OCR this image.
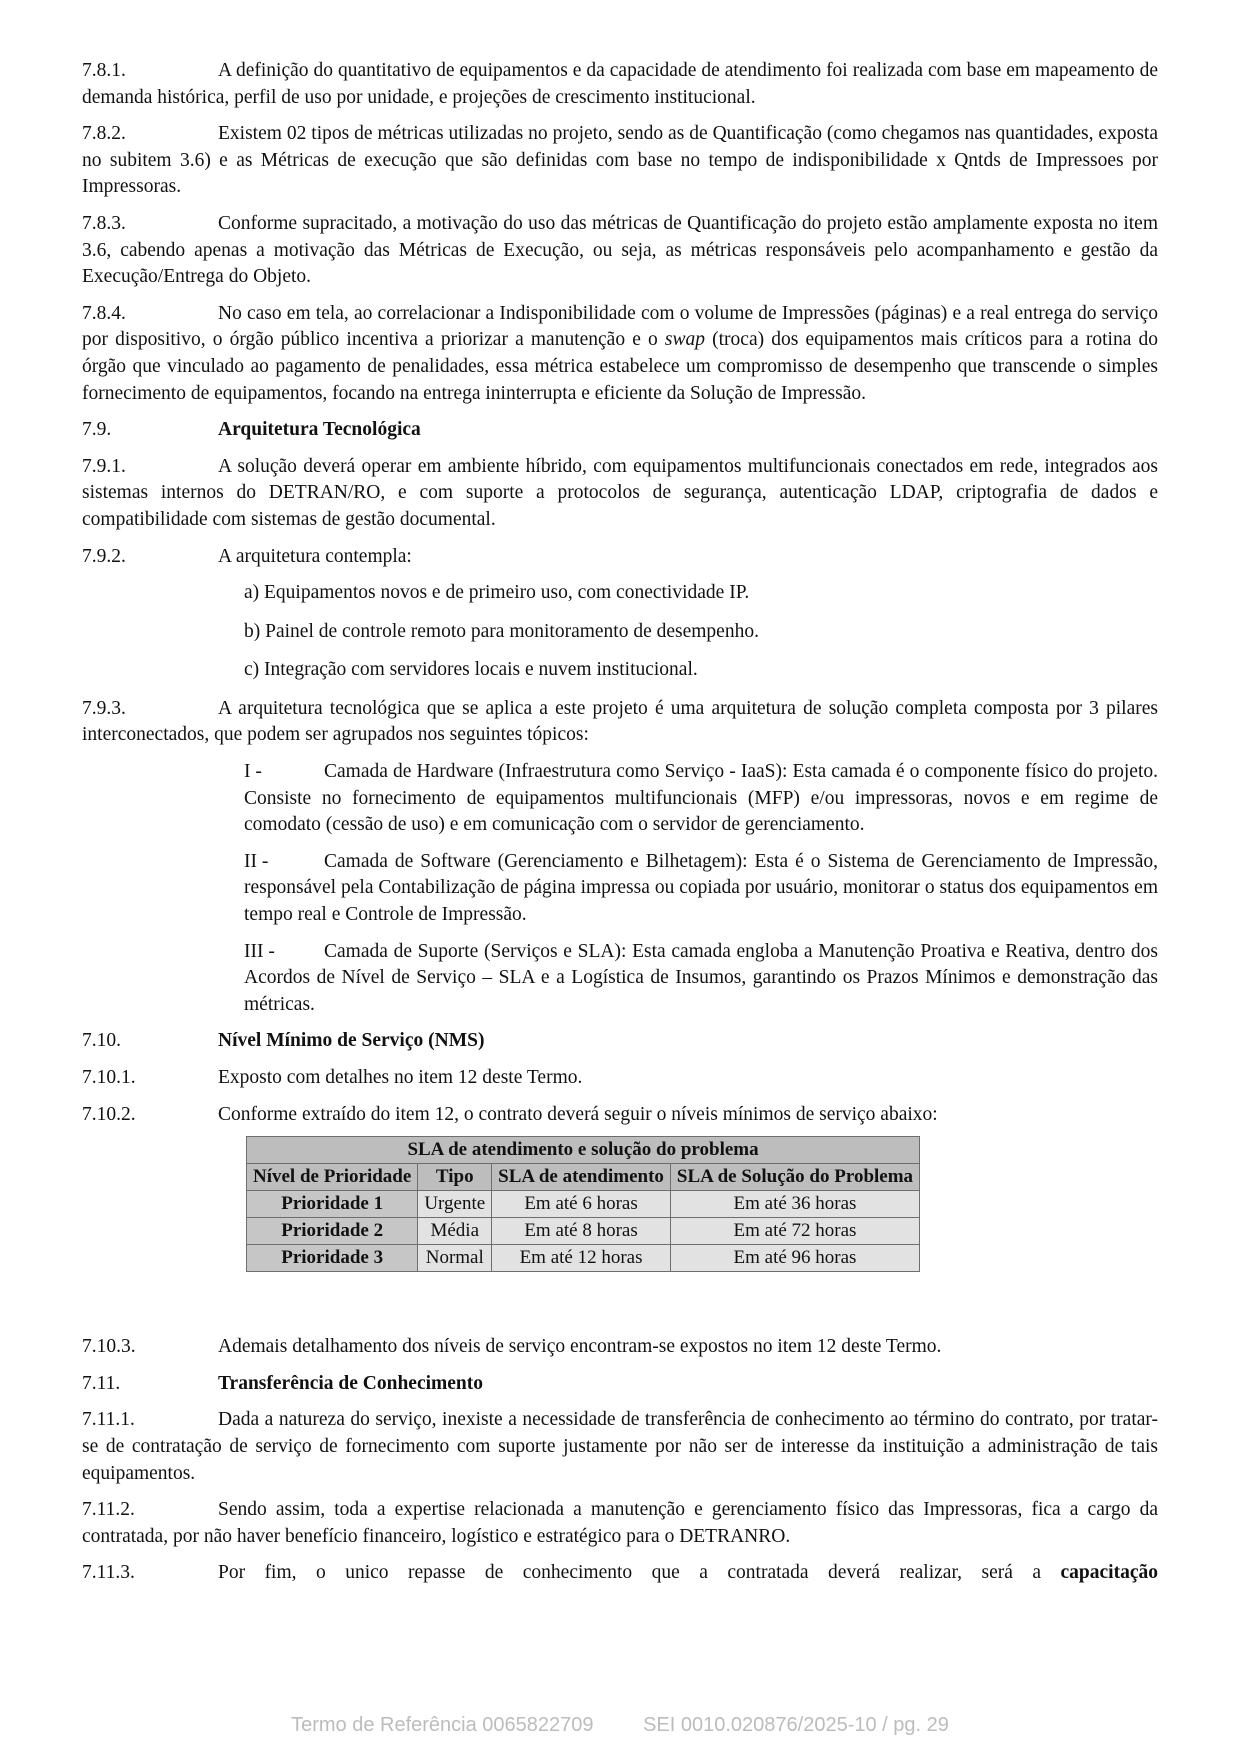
7.8.1.	A definição do quantitativo de equipamentos e da capacidade de atendimento foi realizada com base em mapeamento de demanda histórica, perfil de uso por unidade, e projeções de crescimento institucional.

7.8.2.	Existem 02 tipos de métricas utilizadas no projeto, sendo as de Quantificação (como chegamos nas quantidades, exposta no subitem 3.6) e as Métricas de execução que são definidas com base no tempo de indisponibilidade x Qntds de Impressoes por Impressoras.

7.8.3.	Conforme supracitado, a motivação do uso das métricas de Quantificação do projeto estão amplamente exposta no item 3.6, cabendo apenas a motivação das Métricas de Execução, ou seja, as métricas responsáveis pelo acompanhamento e gestão da Execução/Entrega do Objeto.

7.8.4.	No caso em tela, ao correlacionar a Indisponibilidade com o volume de Impressões (páginas) e a real entrega do serviço por dispositivo, o órgão público incentiva a priorizar a manutenção e o swap (troca) dos equipamentos mais críticos para a rotina do órgão que vinculado ao pagamento de penalidades, essa métrica estabelece um compromisso de desempenho que transcende o simples fornecimento de equipamentos, focando na entrega ininterrupta e eficiente da Solução de Impressão.

7.9.	Arquitetura Tecnológica

7.9.1.	A solução deverá operar em ambiente híbrido, com equipamentos multifuncionais conectados em rede, integrados aos sistemas internos do DETRAN/RO, e com suporte a protocolos de segurança, autenticação LDAP, criptografia de dados e compatibilidade com sistemas de gestão documental.

7.9.2.	A arquitetura contempla:

a) Equipamentos novos e de primeiro uso, com conectividade IP.
b) Painel de controle remoto para monitoramento de desempenho.
c) Integração com servidores locais e nuvem institucional.

7.9.3.	A arquitetura tecnológica que se aplica a este projeto é uma arquitetura de solução completa composta por 3 pilares interconectados, que podem ser agrupados nos seguintes tópicos:

I -	Camada de Hardware (Infraestrutura como Serviço - IaaS): Esta camada é o componente físico do projeto. Consiste no fornecimento de equipamentos multifuncionais (MFP) e/ou impressoras, novos e em regime de comodato (cessão de uso) e em comunicação com o servidor de gerenciamento.

II -	Camada de Software (Gerenciamento e Bilhetagem): Esta é o Sistema de Gerenciamento de Impressão, responsável pela Contabilização de página impressa ou copiada por usuário, monitorar o status dos equipamentos em tempo real e Controle de Impressão.

III -	Camada de Suporte (Serviços e SLA): Esta camada engloba a Manutenção Proativa e Reativa, dentro dos Acordos de Nível de Serviço – SLA e a Logística de Insumos, garantindo os Prazos Mínimos e demonstração das métricas.

7.10.	Nível Mínimo de Serviço (NMS)

7.10.1.	Exposto com detalhes no item 12 deste Termo.

7.10.2.	Conforme extraído do item 12, o contrato deverá seguir o níveis mínimos de serviço abaixo:

SLA de atendimento e solução do problema			
Nível de Prioridade	Tipo	SLA de atendimento	SLA de Solução do Problema
Prioridade 1	Urgente	Em até 6 horas	Em até 36 horas
Prioridade 2	Média	Em até 8 horas	Em até 72 horas
Prioridade 3	Normal	Em até 12 horas	Em até 96 horas

7.10.3.	Ademais detalhamento dos níveis de serviço encontram-se expostos no item 12 deste Termo.

7.11.	Transferência de Conhecimento

7.11.1.	Dada a natureza do serviço, inexiste a necessidade de transferência de conhecimento ao término do contrato, por tratar-se de contratação de serviço de fornecimento com suporte justamente por não ser de interesse da instituição a administração de tais equipamentos.

7.11.2.	Sendo assim, toda a expertise relacionada a manutenção e gerenciamento físico das Impressoras, fica a cargo da contratada, por não haver benefício financeiro, logístico e estratégico para o DETRANRO.

7.11.3.	Por fim, o unico repasse de conhecimento que a contratada deverá realizar, será a capacitação

Termo de Referência 0065822709 SEI 0010.020876/2025-10 / pg. 29
